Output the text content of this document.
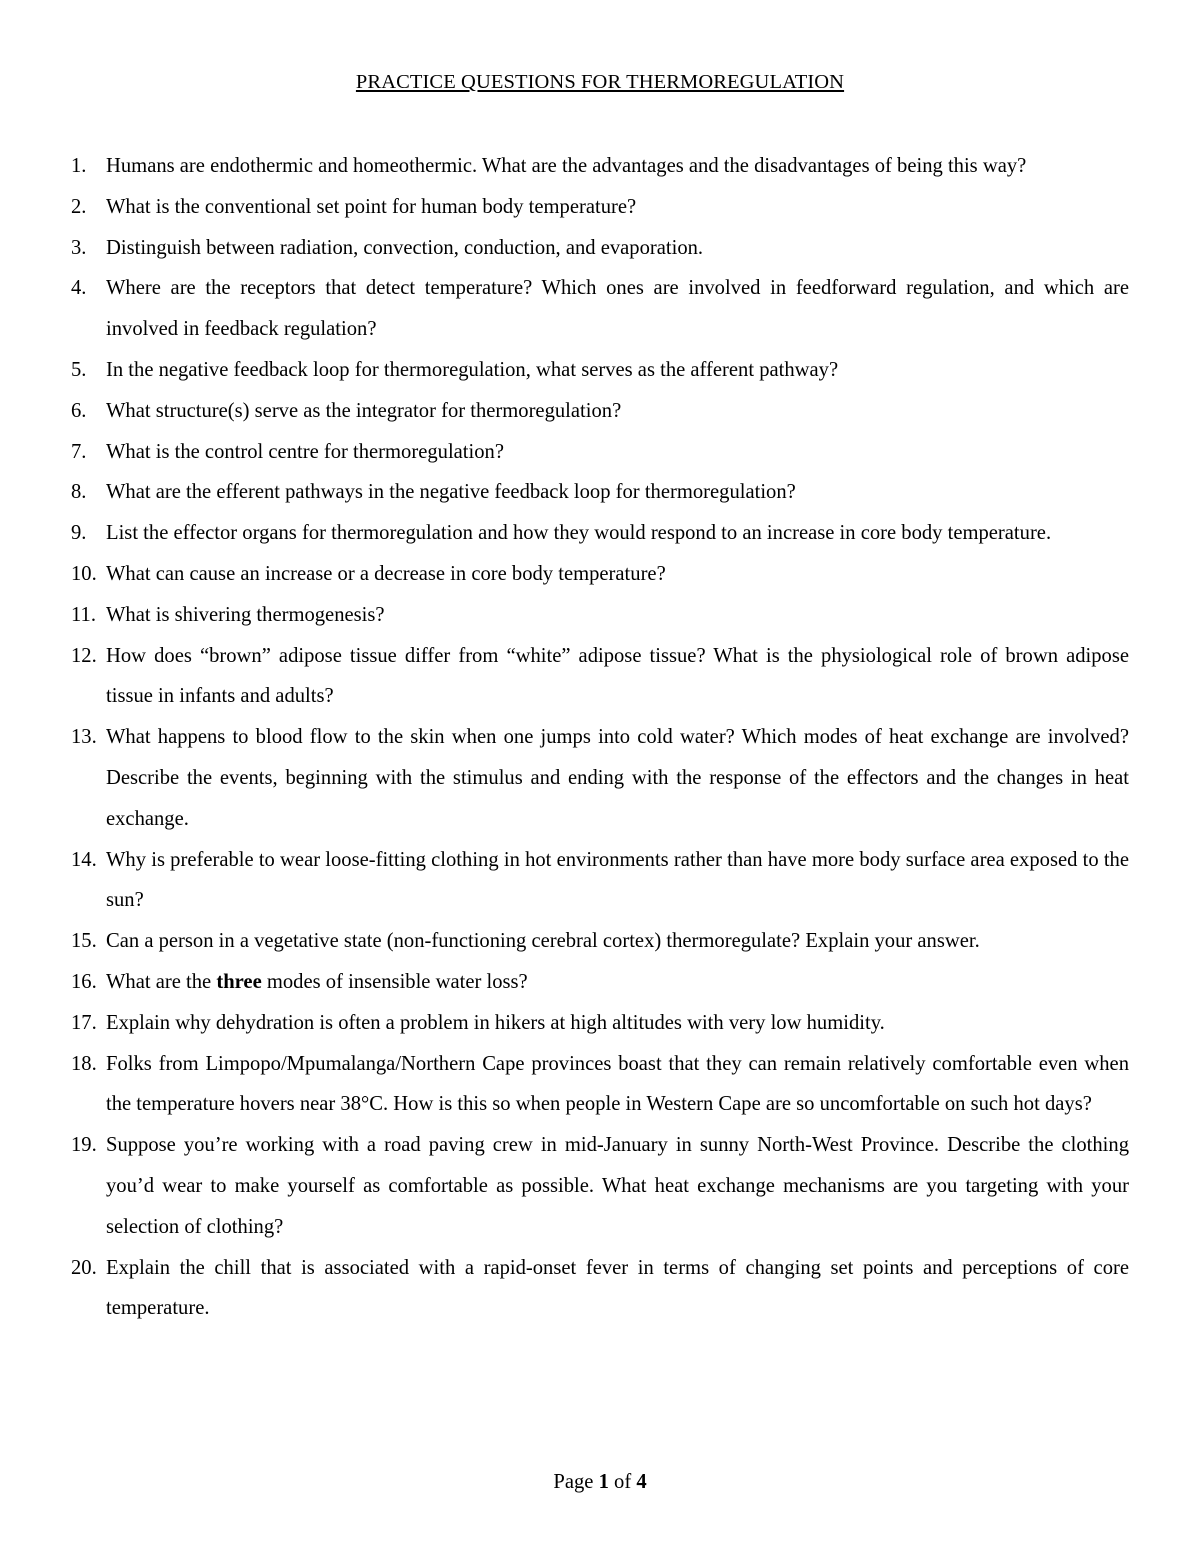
PRACTICE QUESTIONS FOR THERMOREGULATION
1. Humans are endothermic and homeothermic. What are the advantages and the disadvantages of being this way?
2. What is the conventional set point for human body temperature?
3. Distinguish between radiation, convection, conduction, and evaporation.
4. Where are the receptors that detect temperature? Which ones are involved in feedforward regulation, and which are involved in feedback regulation?
5. In the negative feedback loop for thermoregulation, what serves as the afferent pathway?
6. What structure(s) serve as the integrator for thermoregulation?
7. What is the control centre for thermoregulation?
8. What are the efferent pathways in the negative feedback loop for thermoregulation?
9. List the effector organs for thermoregulation and how they would respond to an increase in core body temperature.
10. What can cause an increase or a decrease in core body temperature?
11. What is shivering thermogenesis?
12. How does “brown” adipose tissue differ from “white” adipose tissue? What is the physiological role of brown adipose tissue in infants and adults?
13. What happens to blood flow to the skin when one jumps into cold water? Which modes of heat exchange are involved? Describe the events, beginning with the stimulus and ending with the response of the effectors and the changes in heat exchange.
14. Why is preferable to wear loose-fitting clothing in hot environments rather than have more body surface area exposed to the sun?
15. Can a person in a vegetative state (non-functioning cerebral cortex) thermoregulate? Explain your answer.
16. What are the three modes of insensible water loss?
17. Explain why dehydration is often a problem in hikers at high altitudes with very low humidity.
18. Folks from Limpopo/Mpumalanga/Northern Cape provinces boast that they can remain relatively comfortable even when the temperature hovers near 38°C. How is this so when people in Western Cape are so uncomfortable on such hot days?
19. Suppose you’re working with a road paving crew in mid-January in sunny North-West Province. Describe the clothing you’d wear to make yourself as comfortable as possible. What heat exchange mechanisms are you targeting with your selection of clothing?
20. Explain the chill that is associated with a rapid-onset fever in terms of changing set points and perceptions of core temperature.
Page 1 of 4
